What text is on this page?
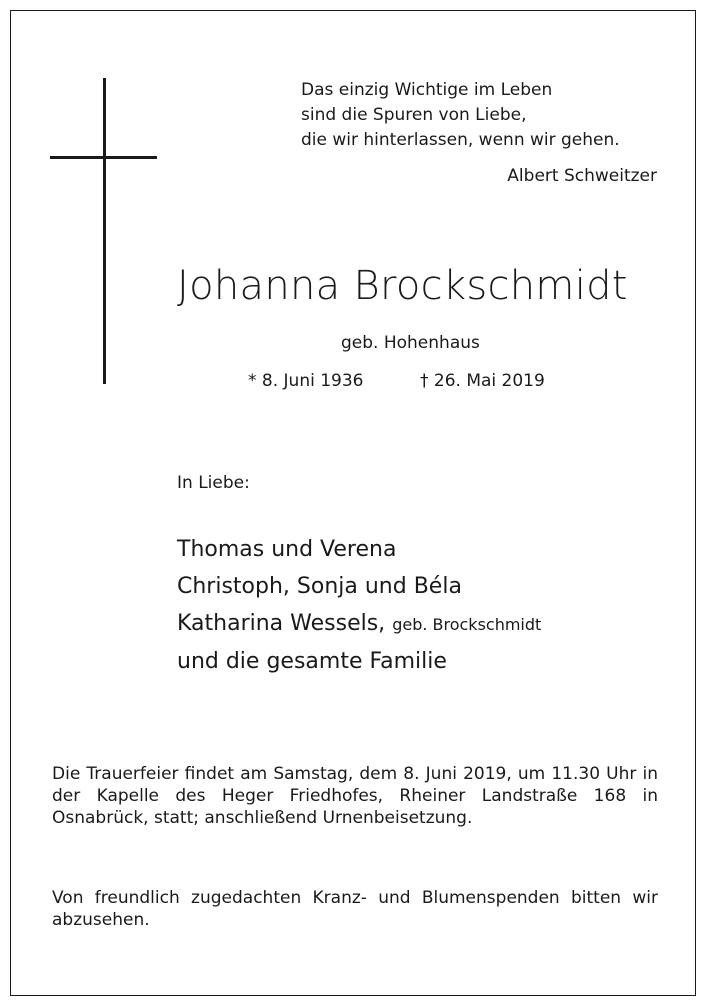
Das einzig Wichtige im Leben
sind die Spuren von Liebe,
die wir hinterlassen, wenn wir gehen.
Albert Schweitzer
Johanna Brockschmidt
geb. Hohenhaus
* 8. Juni 1936	† 26. Mai 2019
In Liebe:
Thomas und Verena
Christoph, Sonja und Béla
Katharina Wessels, geb. Brockschmidt
und die gesamte Familie
Die Trauerfeier findet am Samstag, dem 8. Juni 2019, um 11.30 Uhr in der Kapelle des Heger Friedhofes, Rheiner Landstraße 168 in Osnabrück, statt; anschließend Urnenbeisetzung.
Von freundlich zugedachten Kranz- und Blumenspenden bitten wir abzusehen.
